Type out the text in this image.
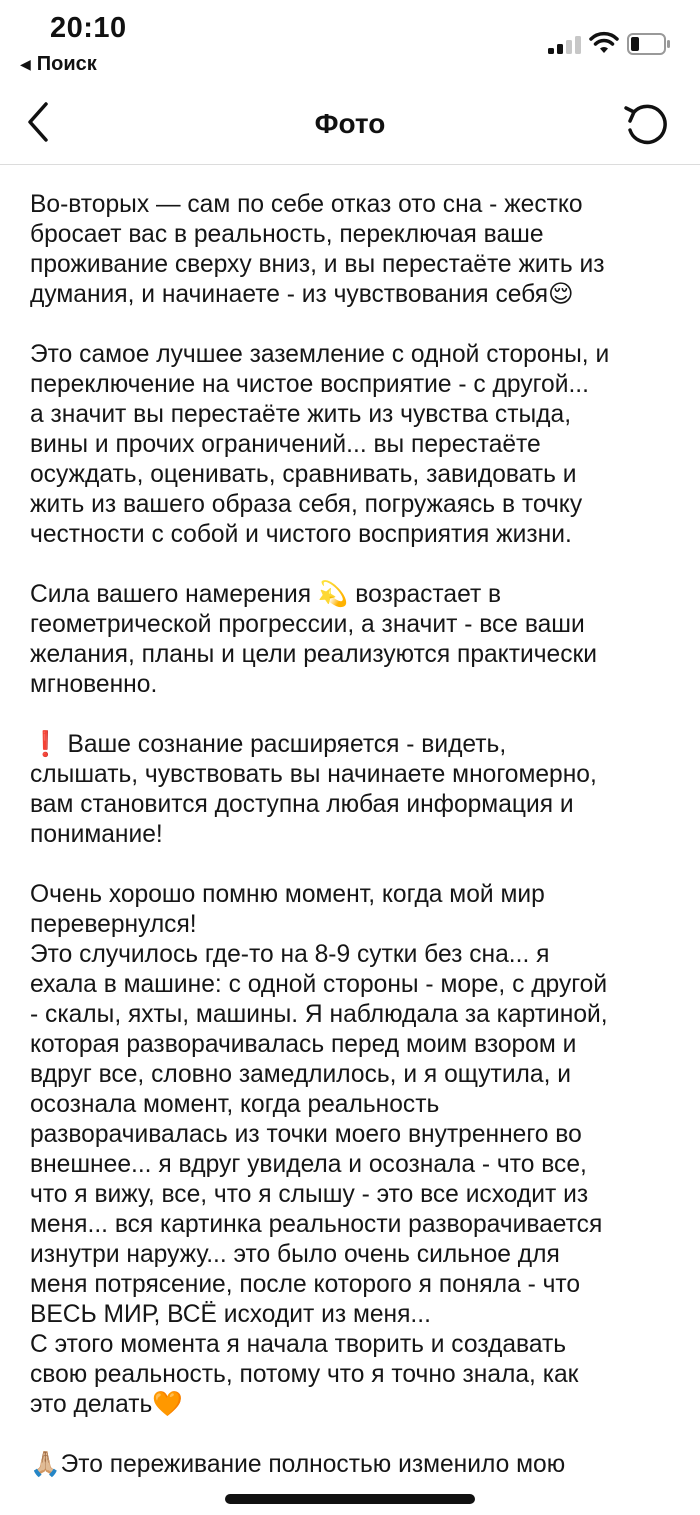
20:10
◀ Поиск
Фото
Во-вторых — сам по себе отказ ото сна - жестко
бросает вас в реальность, переключая ваше
проживание сверху вниз, и вы перестаёте жить из
думания, и начинаете - из чувствования себя😌
Это самое лучшее заземление с одной стороны, и
переключение на чистое восприятие - с другой...
а значит вы перестаёте жить из чувства стыда,
вины и прочих ограничений... вы перестаёте
осуждать, оценивать, сравнивать, завидовать и
жить из вашего образа себя, погружаясь в точку
честности с собой и чистого восприятия жизни.
Сила вашего намерения 💫 возрастает в
геометрической прогрессии, а значит - все ваши
желания, планы и цели реализуются практически
мгновенно.
❗ Ваше сознание расширяется - видеть,
слышать, чувствовать вы начинаете многомерно,
вам становится доступна любая информация и
понимание!
Очень хорошо помню момент, когда мой мир
перевернулся!
Это случилось где-то на 8-9 сутки без сна... я
ехала в машине: с одной стороны - море, с другой
- скалы, яхты, машины. Я наблюдала за картиной,
которая разворачивалась перед моим взором и
вдруг все, словно замедлилось, и я ощутила, и
осознала момент, когда реальность
разворачивалась из точки моего внутреннего во
внешнее... я вдруг увидела и осознала - что все,
что я вижу, все, что я слышу - это все исходит из
меня... вся картинка реальности разворачивается
изнутри наружу... это было очень сильное для
меня потрясение, после которого я поняла - что
ВЕСЬ МИР, ВСЁ исходит из меня...
С этого момента я начала творить и создавать
свою реальность, потому что я точно знала, как
это делать🧡
🙏🏼Это переживание полностью изменило мою
